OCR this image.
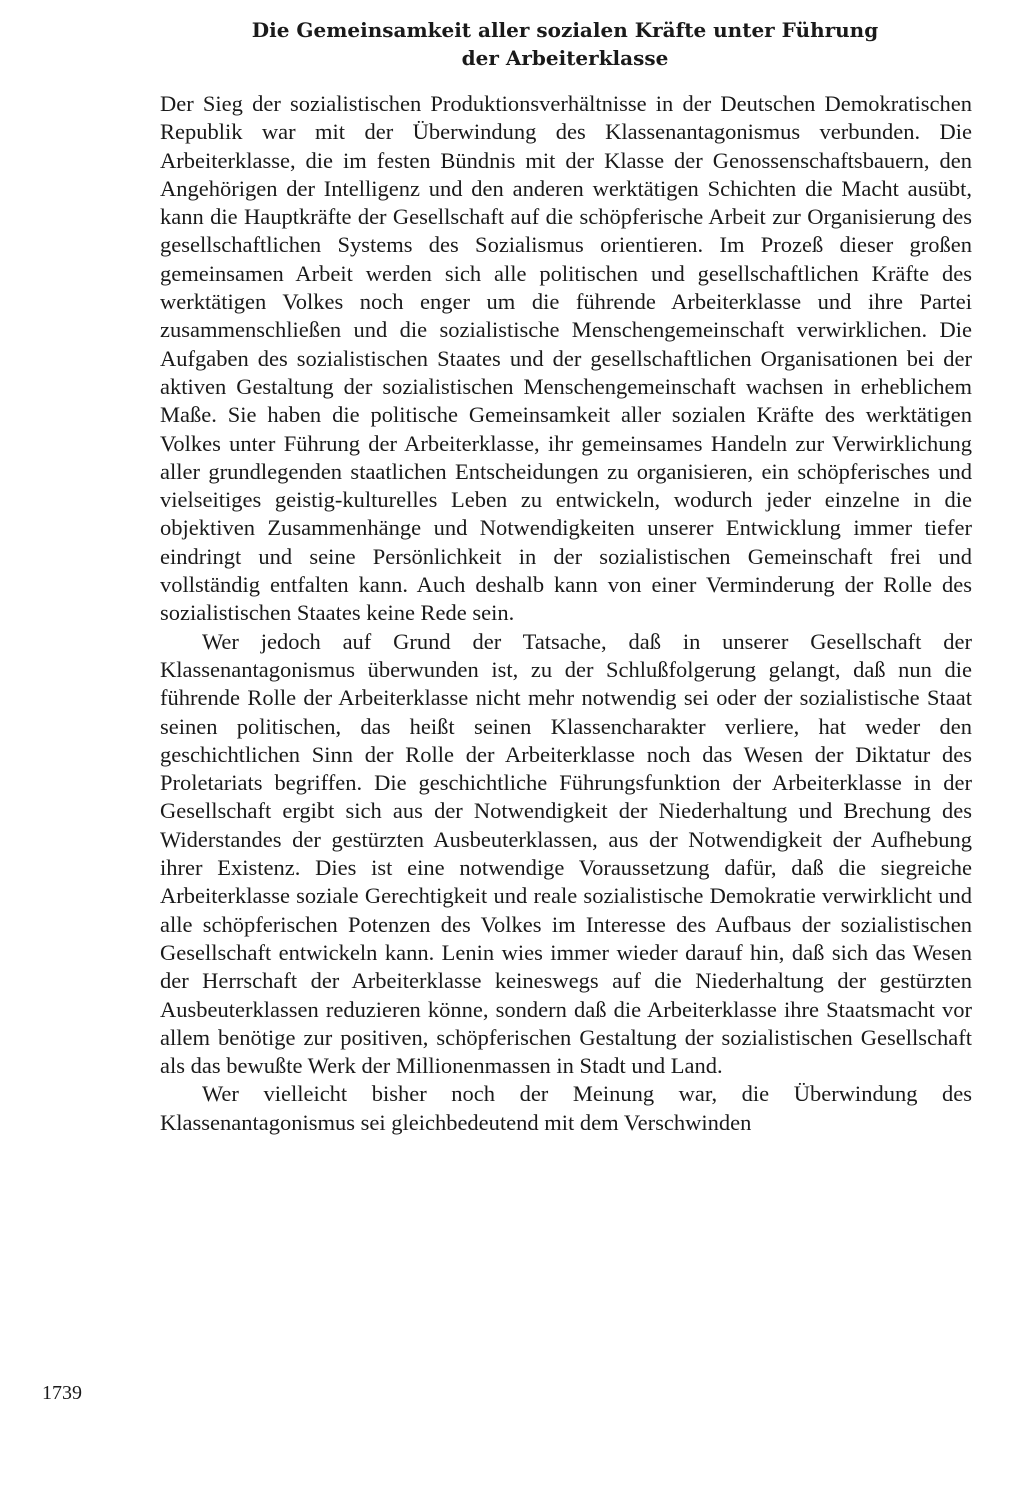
Die Gemeinsamkeit aller sozialen Kräfte unter Führung
der Arbeiterklasse

Der Sieg der sozialistischen Produktionsverhältnisse in der Deutschen Demokratischen Republik war mit der Überwindung des Klassenantagonismus verbunden. Die Arbeiterklasse, die im festen Bündnis mit der Klasse der Genossenschaftsbauern, den Angehörigen der Intelligenz und den anderen werktätigen Schichten die Macht ausübt, kann die Hauptkräfte der Gesellschaft auf die schöpferische Arbeit zur Organisierung des gesellschaftlichen Systems des Sozialismus orientieren. Im Prozeß dieser großen gemeinsamen Arbeit werden sich alle politischen und gesellschaftlichen Kräfte des werktätigen Volkes noch enger um die führende Arbeiterklasse und ihre Partei zusammenschließen und die sozialistische Menschengemeinschaft verwirklichen. Die Aufgaben des sozialistischen Staates und der gesellschaftlichen Organisationen bei der aktiven Gestaltung der sozialistischen Menschengemeinschaft wachsen in erheblichem Maße. Sie haben die politische Gemeinsamkeit aller sozialen Kräfte des werktätigen Volkes unter Führung der Arbeiterklasse, ihr gemeinsames Handeln zur Verwirklichung aller grundlegenden staatlichen Entscheidungen zu organisieren, ein schöpferisches und vielseitiges geistig-kulturelles Leben zu entwickeln, wodurch jeder einzelne in die objektiven Zusammenhänge und Notwendigkeiten unserer Entwicklung immer tiefer eindringt und seine Persönlichkeit in der sozialistischen Gemeinschaft frei und vollständig entfalten kann. Auch deshalb kann von einer Verminderung der Rolle des sozialistischen Staates keine Rede sein.

Wer jedoch auf Grund der Tatsache, daß in unserer Gesellschaft der Klassenantagonismus überwunden ist, zu der Schlußfolgerung gelangt, daß nun die führende Rolle der Arbeiterklasse nicht mehr notwendig sei oder der sozialistische Staat seinen politischen, das heißt seinen Klassencharakter verliere, hat weder den geschichtlichen Sinn der Rolle der Arbeiterklasse noch das Wesen der Diktatur des Proletariats begriffen. Die geschichtliche Führungsfunktion der Arbeiterklasse in der Gesellschaft ergibt sich aus der Notwendigkeit der Niederhaltung und Brechung des Widerstandes der gestürzten Ausbeuterklassen, aus der Notwendigkeit der Aufhebung ihrer Existenz. Dies ist eine notwendige Voraussetzung dafür, daß die siegreiche Arbeiterklasse soziale Gerechtigkeit und reale sozialistische Demokratie verwirklicht und alle schöpferischen Potenzen des Volkes im Interesse des Aufbaus der sozialistischen Gesellschaft entwickeln kann. Lenin wies immer wieder darauf hin, daß sich das Wesen der Herrschaft der Arbeiterklasse keineswegs auf die Niederhaltung der gestürzten Ausbeuterklassen reduzieren könne, sondern daß die Arbeiterklasse ihre Staatsmacht vor allem benötige zur positiven, schöpferischen Gestaltung der sozialistischen Gesellschaft als das bewußte Werk der Millionenmassen in Stadt und Land.

Wer vielleicht bisher noch der Meinung war, die Überwindung des Klassenantagonismus sei gleichbedeutend mit dem Verschwinden

1739
